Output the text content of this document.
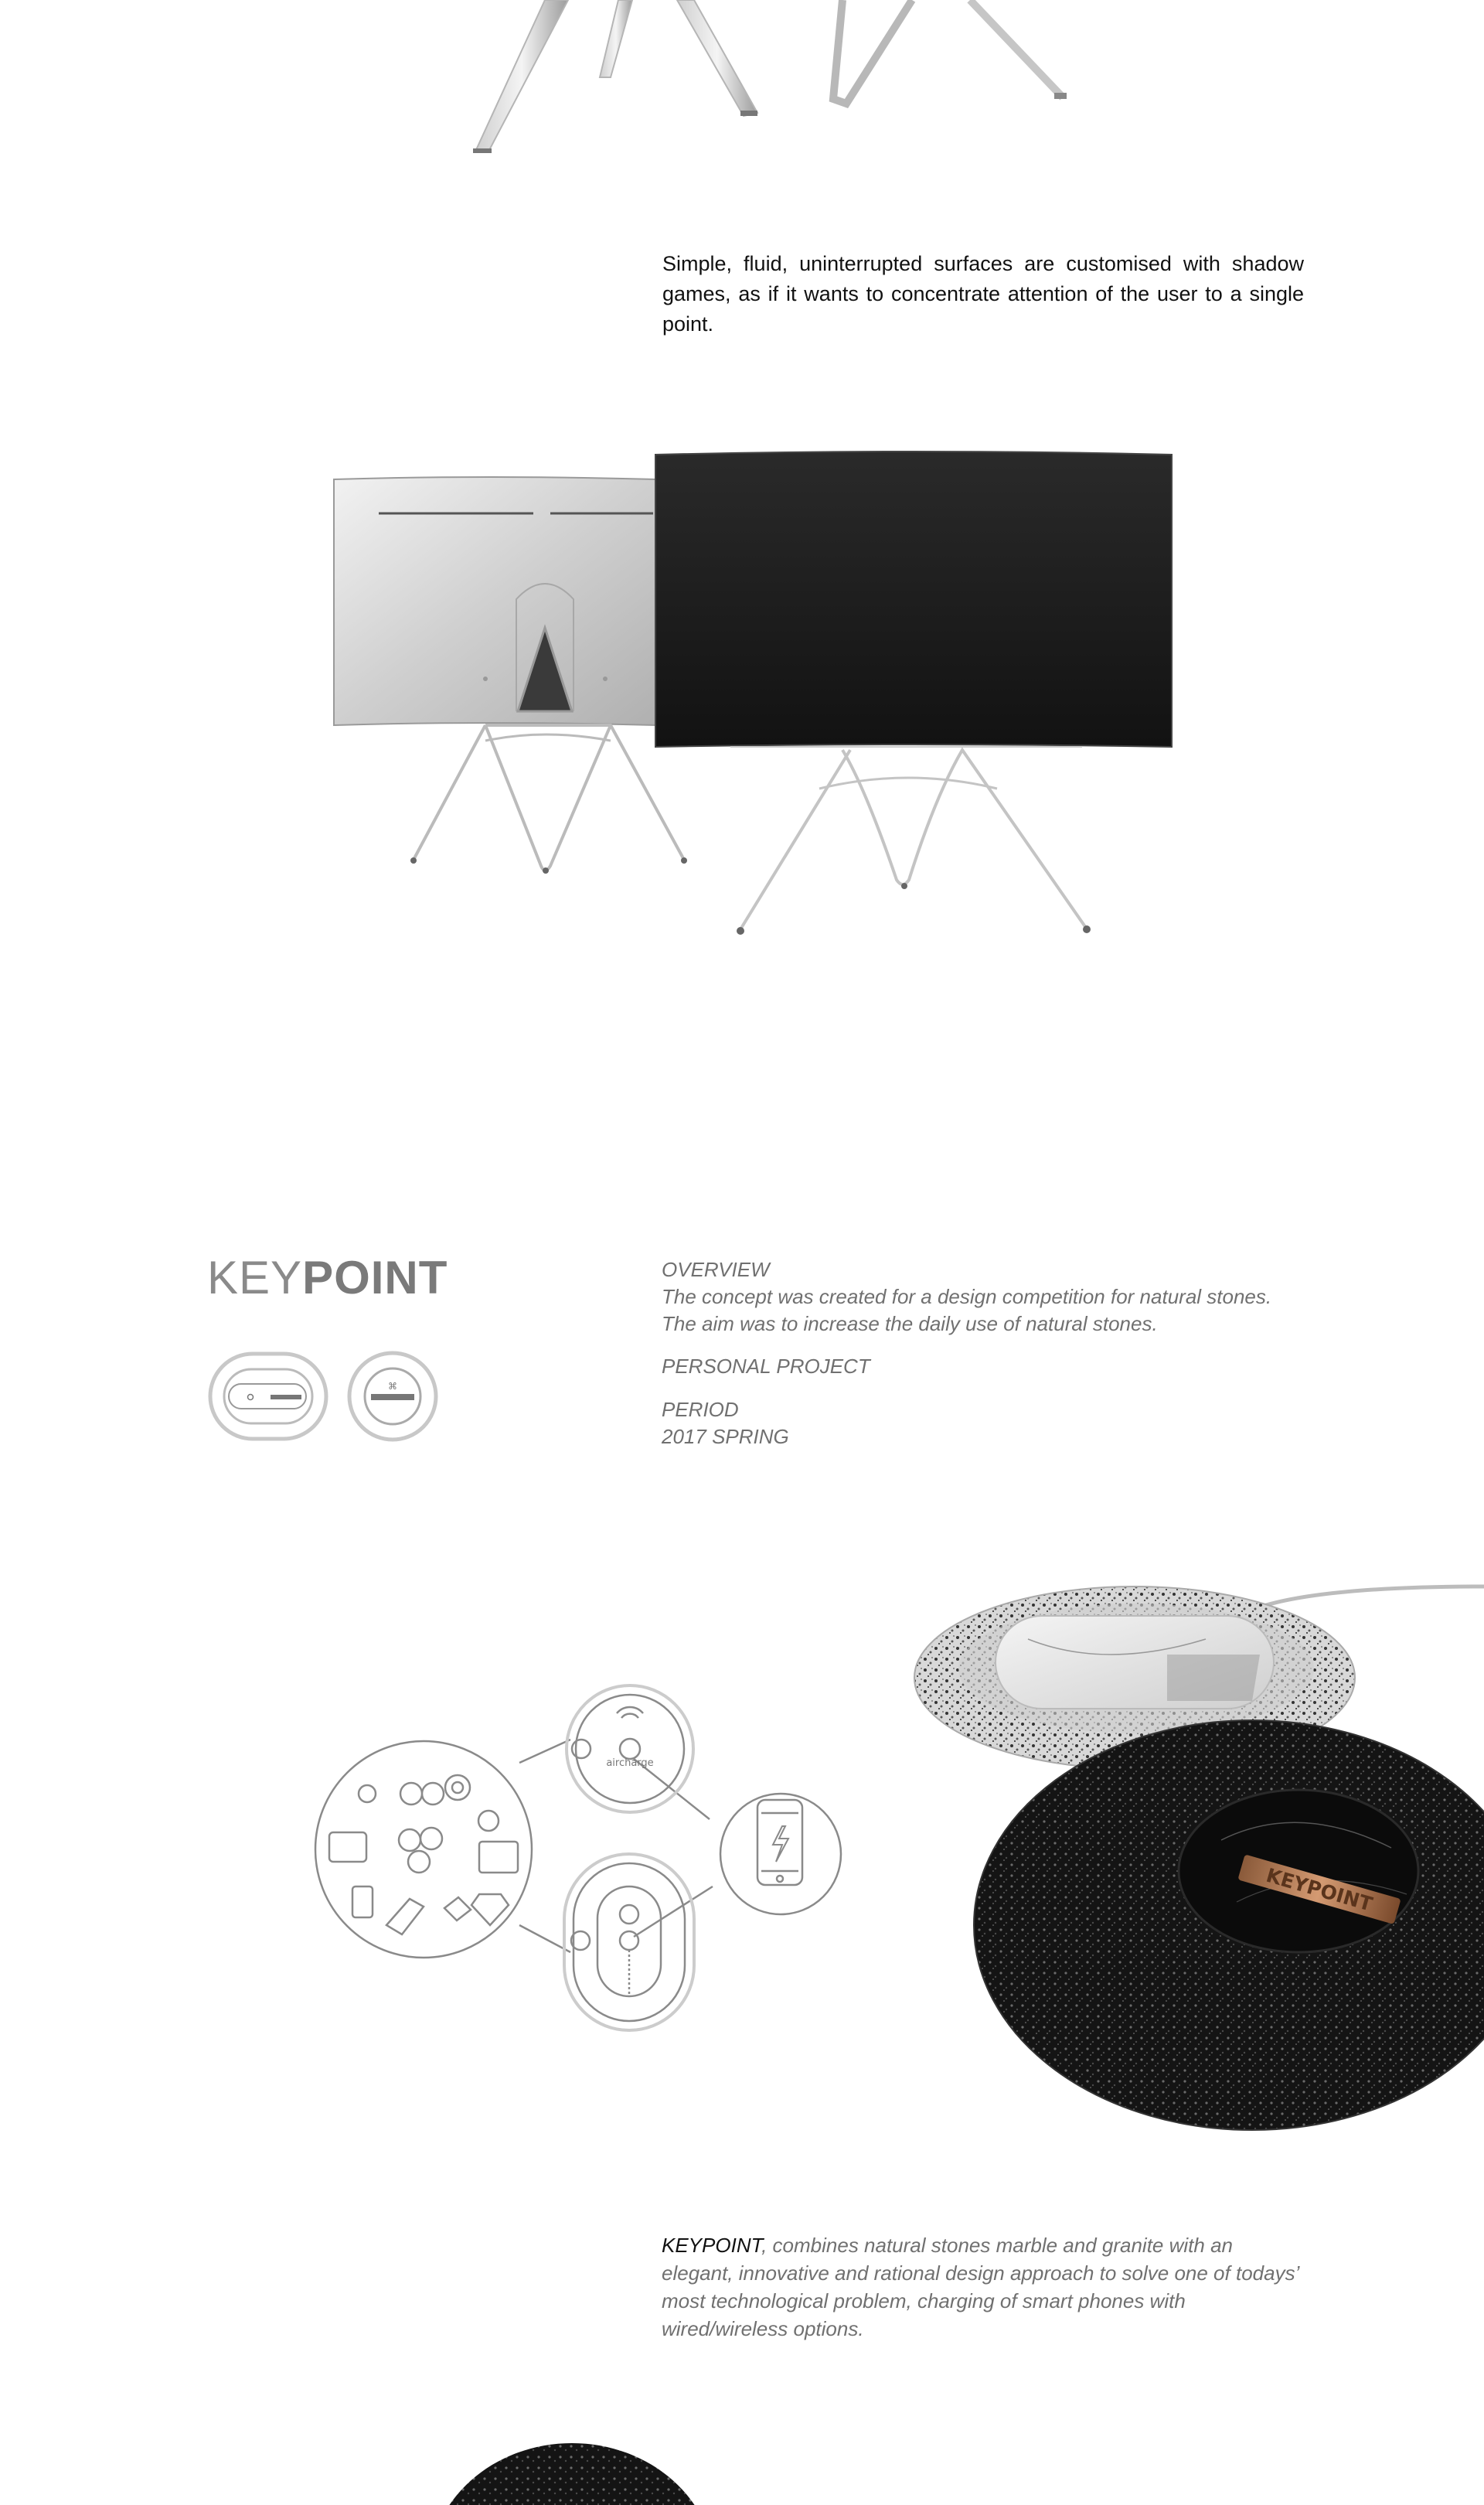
Simple, fluid, uninterrupted surfaces are customised with shadow games, as if it wants to concentrate attention of the user to a single point.
KEYPOINT
⌘
OVERVIEW
The concept was created for a design competition for natural stones. The aim was to increase the daily use of natural stones.
PERSONAL PROJECT
PERIOD
2017 SPRING
aircharge
KEYPOINT
KEYPOINT, combines natural stones marble and granite with an elegant, innovative and rational design approach to solve one of todays’ most technological problem, charging of smart phones with wired/wireless options.
